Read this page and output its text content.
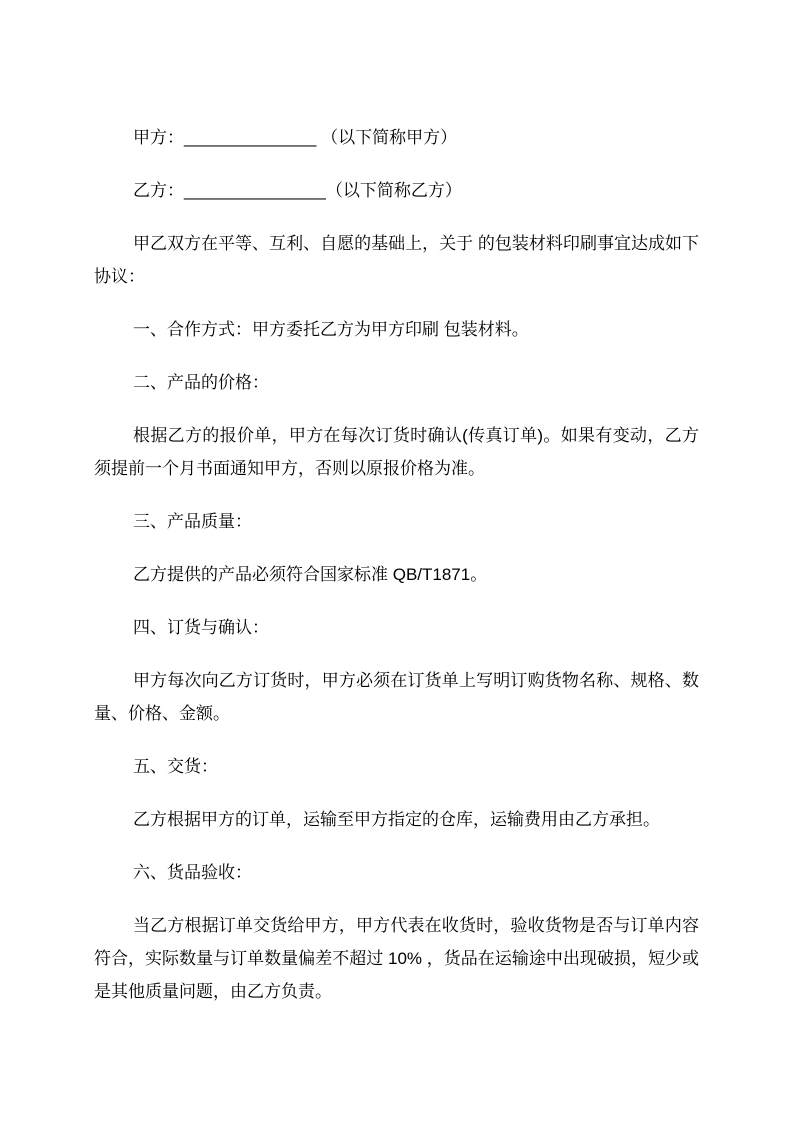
甲方：______________ （以下简称甲方）

乙方：_______________（以下简称乙方）

甲乙双方在平等、互利、自愿的基础上，关于 的包装材料印刷事宜达成如下协议：

一、合作方式：甲方委托乙方为甲方印刷 包装材料。

二、产品的价格：

根据乙方的报价单，甲方在每次订货时确认(传真订单)。如果有变动，乙方须提前一个月书面通知甲方，否则以原报价格为准。

三、产品质量：

乙方提供的产品必须符合国家标准 QB/T1871。

四、订货与确认：

甲方每次向乙方订货时，甲方必须在订货单上写明订购货物名称、规格、数量、价格、金额。

五、交货：

乙方根据甲方的订单，运输至甲方指定的仓库，运输费用由乙方承担。

六、货品验收：

当乙方根据订单交货给甲方，甲方代表在收货时，验收货物是否与订单内容符合，实际数量与订单数量偏差不超过 10% ，货品在运输途中出现破损，短少或是其他质量问题，由乙方负责。
